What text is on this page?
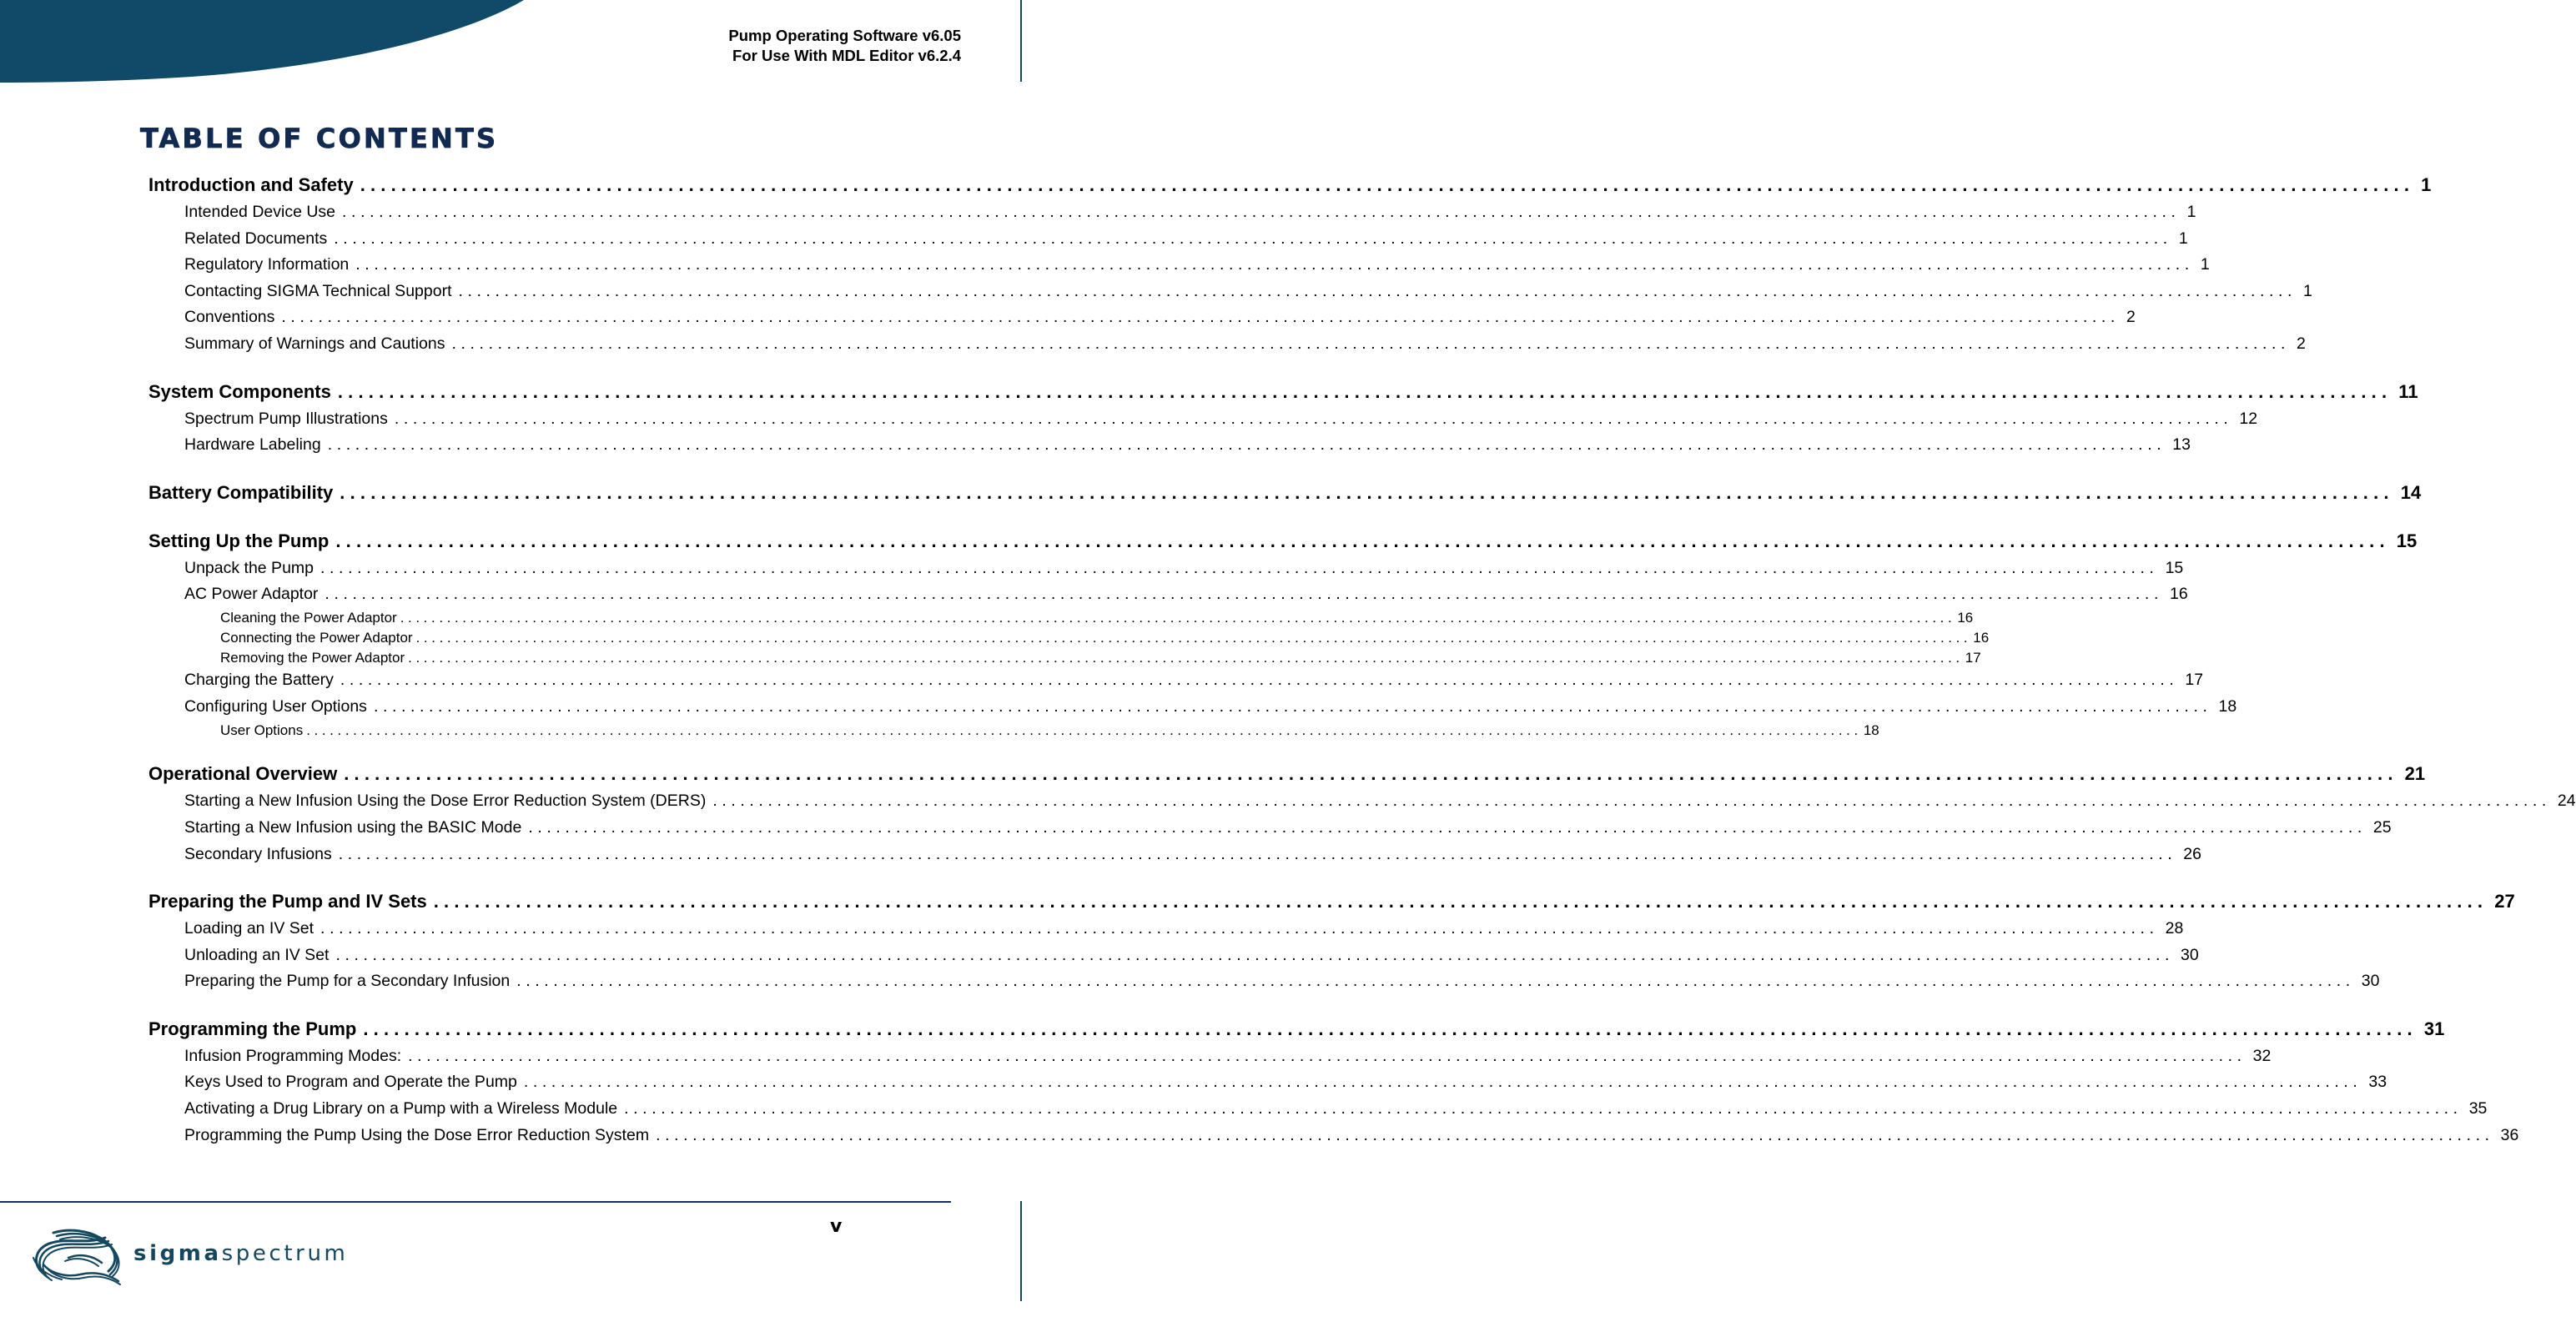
Pump Operating Software v6.05
For Use With MDL Editor v6.2.4
TABLE OF CONTENTS
Introduction and Safety ........................................................................................................................................................................................................ 1
Intended Device Use ........................................................................................................................................................................................................ 1
Related Documents ........................................................................................................................................................................................................ 1
Regulatory Information ........................................................................................................................................................................................................ 1
Contacting SIGMA Technical Support ........................................................................................................................................................................................................ 1
Conventions ........................................................................................................................................................................................................ 2
Summary of Warnings and Cautions ........................................................................................................................................................................................................ 2
System Components ........................................................................................................................................................................................................ 11
Spectrum Pump Illustrations ........................................................................................................................................................................................................ 12
Hardware Labeling ........................................................................................................................................................................................................ 13
Battery Compatibility ........................................................................................................................................................................................................ 14
Setting Up the Pump ........................................................................................................................................................................................................ 15
Unpack the Pump ........................................................................................................................................................................................................ 15
AC Power Adaptor ........................................................................................................................................................................................................ 16
Cleaning the Power Adaptor ........................................................................................................................................................................................................ 16
Connecting the Power Adaptor ........................................................................................................................................................................................................ 16
Removing the Power Adaptor ........................................................................................................................................................................................................ 17
Charging the Battery ........................................................................................................................................................................................................ 17
Configuring User Options ........................................................................................................................................................................................................ 18
User Options ........................................................................................................................................................................................................ 18
Operational Overview ........................................................................................................................................................................................................ 21
Starting a New Infusion Using the Dose Error Reduction System (DERS) ........................................................................................................................................................................................................ 24
Starting a New Infusion using the BASIC Mode ........................................................................................................................................................................................................ 25
Secondary Infusions ........................................................................................................................................................................................................ 26
Preparing the Pump and IV Sets ........................................................................................................................................................................................................ 27
Loading an IV Set ........................................................................................................................................................................................................ 28
Unloading an IV Set ........................................................................................................................................................................................................ 30
Preparing the Pump for a Secondary Infusion ........................................................................................................................................................................................................ 30
Programming the Pump ........................................................................................................................................................................................................ 31
Infusion Programming Modes: ........................................................................................................................................................................................................ 32
Keys Used to Program and Operate the Pump ........................................................................................................................................................................................................ 33
Activating a Drug Library on a Pump with a Wireless Module ........................................................................................................................................................................................................ 35
Programming the Pump Using the Dose Error Reduction System ........................................................................................................................................................................................................ 36
v
sigmaspectrum
